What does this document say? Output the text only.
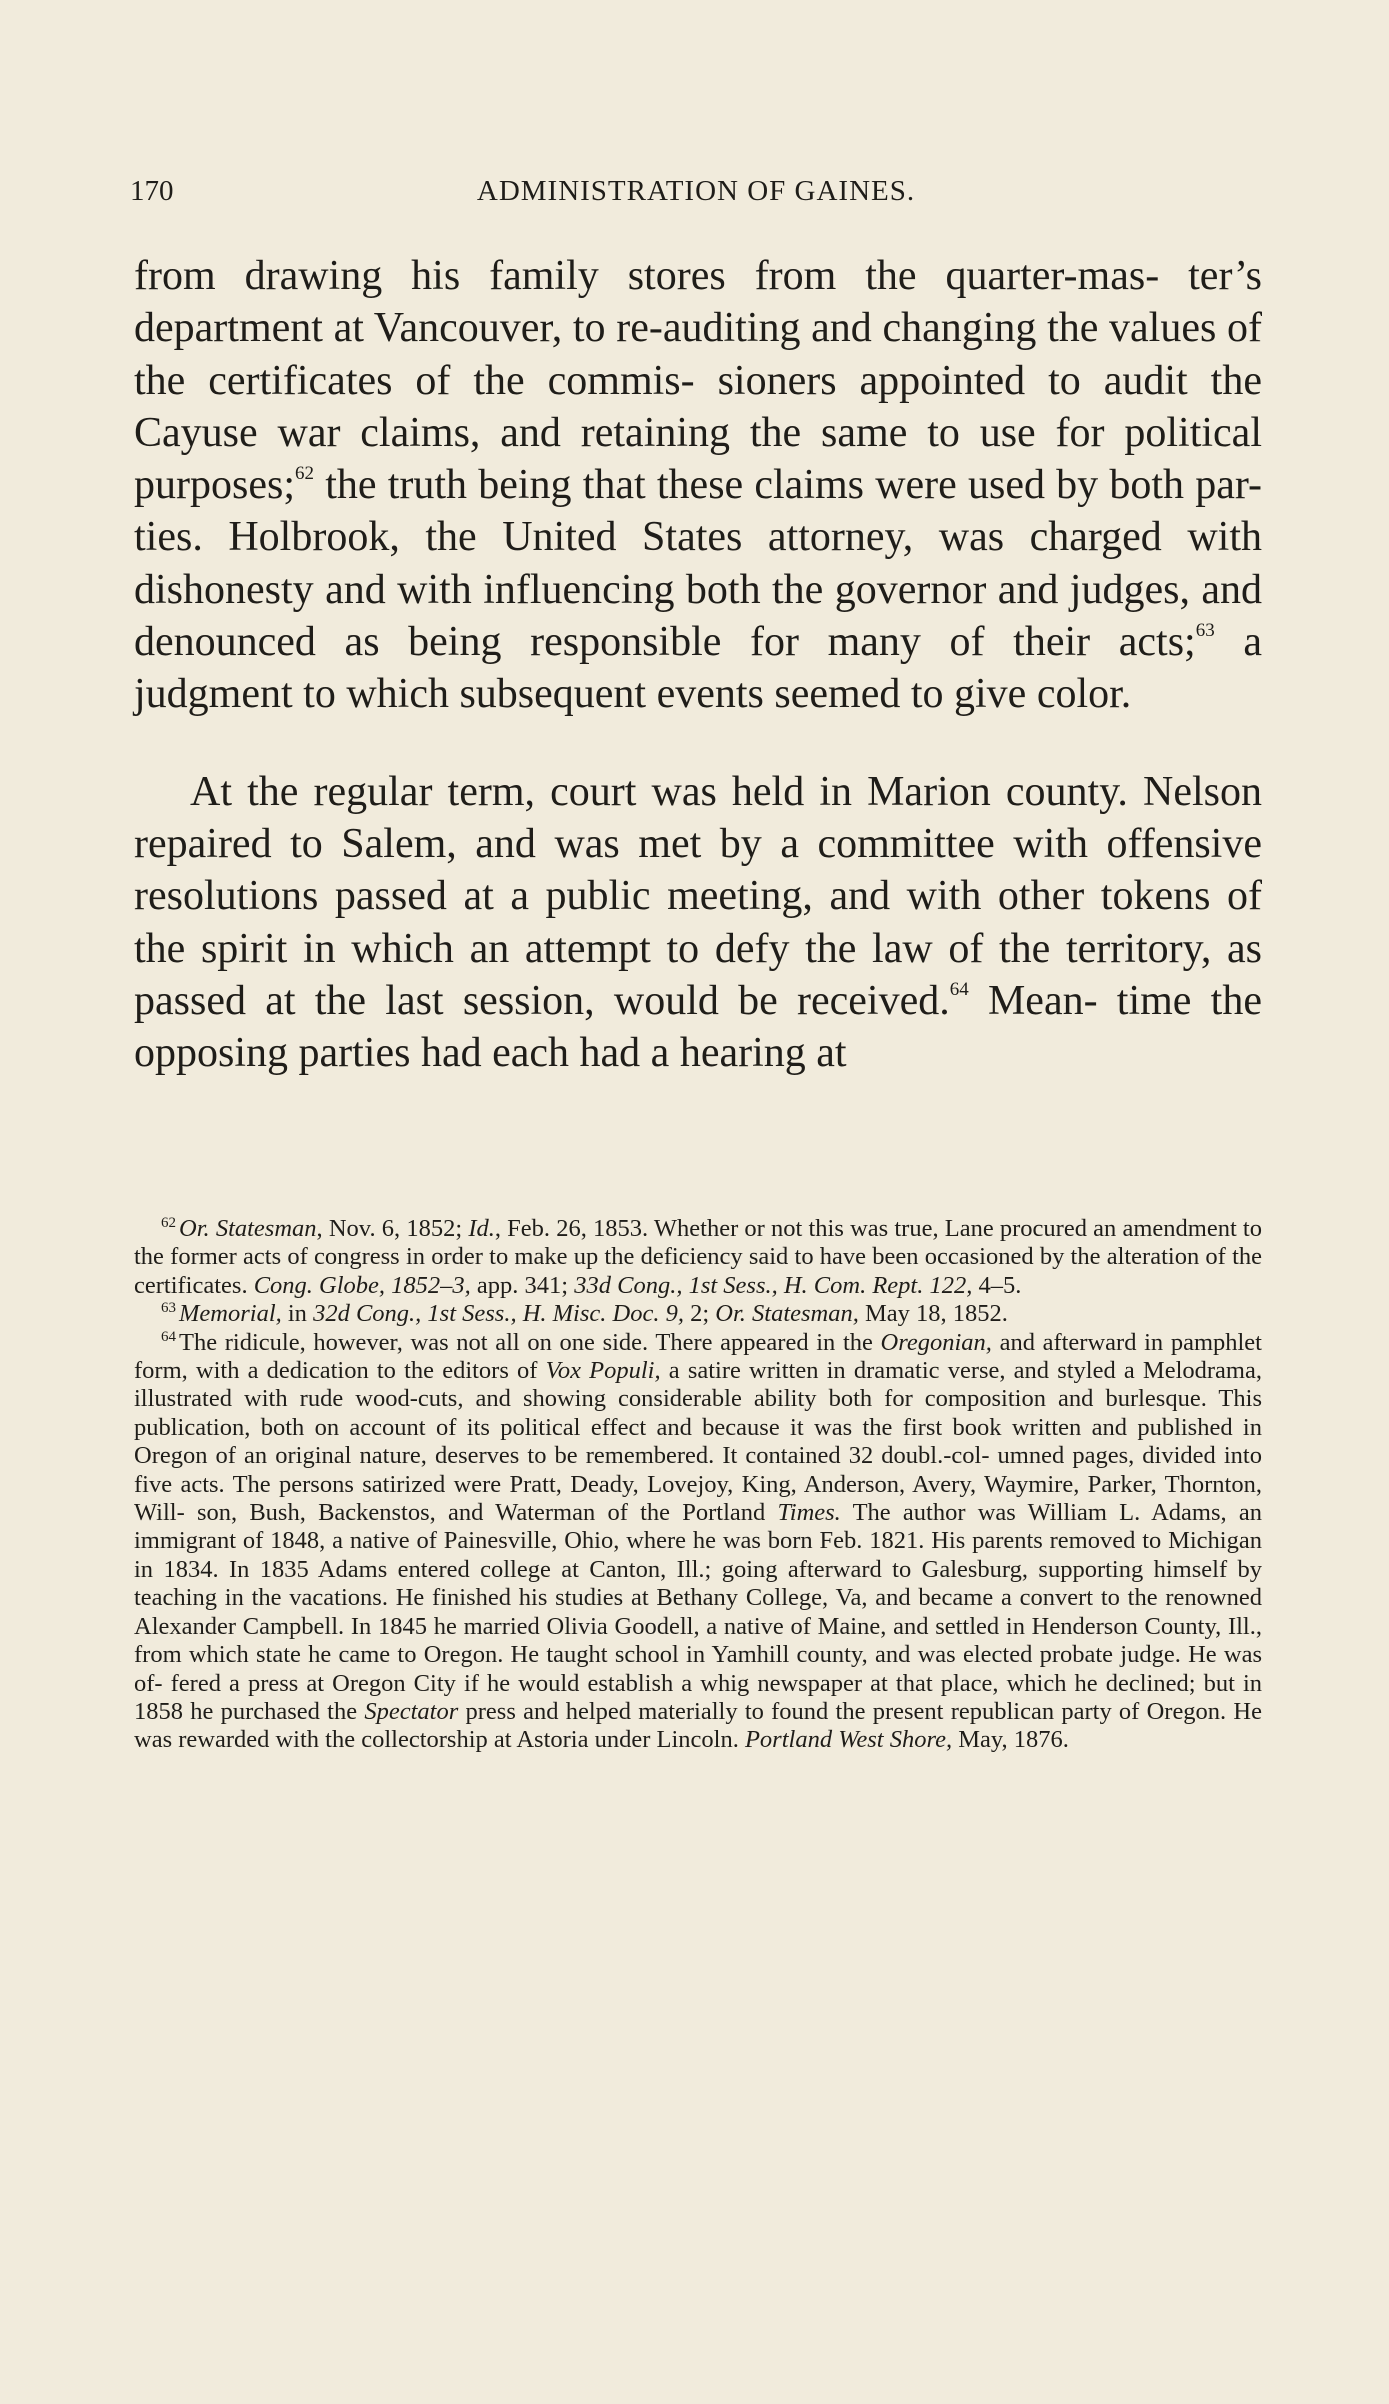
170	ADMINISTRATION OF GAINES.

from drawing his family stores from the quarter-mas- ter’s department at Vancouver, to re-auditing and changing the values of the certificates of the commis- sioners appointed to audit the Cayuse war claims, and retaining the same to use for political purposes;$^{62}$ the truth being that these claims were used by both par- ties. Holbrook, the United States attorney, was charged with dishonesty and with influencing both the governor and judges, and denounced as being responsible for many of their acts;$^{63}$ a judgment to which subsequent events seemed to give color.

At the regular term, court was held in Marion county. Nelson repaired to Salem, and was met by a committee with offensive resolutions passed at a public meeting, and with other tokens of the spirit in which an attempt to defy the law of the territory, as passed at the last session, would be received.$^{64}$ Mean- time the opposing parties had each had a hearing at

$^{62}$ Or. Statesman, Nov. 6, 1852; Id., Feb. 26, 1853. Whether or not this was true, Lane procured an amendment to the former acts of congress in order to make up the deficiency said to have been occasioned by the alteration of the certificates. Cong. Globe, 1852–3, app. 341; 33d Cong., 1st Sess., H. Com. Rept. 122, 4–5.

$^{63}$ Memorial, in 32d Cong., 1st Sess., H. Misc. Doc. 9, 2; Or. Statesman, May 18, 1852.

$^{64}$ The ridicule, however, was not all on one side. There appeared in the Oregonian, and afterward in pamphlet form, with a dedication to the editors of Vox Populi, a satire written in dramatic verse, and styled a Melodrama, illustrated with rude wood-cuts, and showing considerable ability both for composition and burlesque. This publication, both on account of its political effect and because it was the first book written and published in Oregon of an original nature, deserves to be remembered. It contained 32 doubl.-col- umned pages, divided into five acts. The persons satirized were Pratt, Deady, Lovejoy, King, Anderson, Avery, Waymire, Parker, Thornton, Will- son, Bush, Backenstos, and Waterman of the Portland Times. The author was William L. Adams, an immigrant of 1848, a native of Painesville, Ohio, where he was born Feb. 1821. His parents removed to Michigan in 1834. In 1835 Adams entered college at Canton, Ill.; going afterward to Galesburg, supporting himself by teaching in the vacations. He finished his studies at Bethany College, Va, and became a convert to the renowned Alexander Campbell. In 1845 he married Olivia Goodell, a native of Maine, and settled in Henderson County, Ill., from which state he came to Oregon. He taught school in Yamhill county, and was elected probate judge. He was of- fered a press at Oregon City if he would establish a whig newspaper at that place, which he declined; but in 1858 he purchased the Spectator press and helped materially to found the present republican party of Oregon. He was rewarded with the collectorship at Astoria under Lincoln. Portland West Shore, May, 1876.
